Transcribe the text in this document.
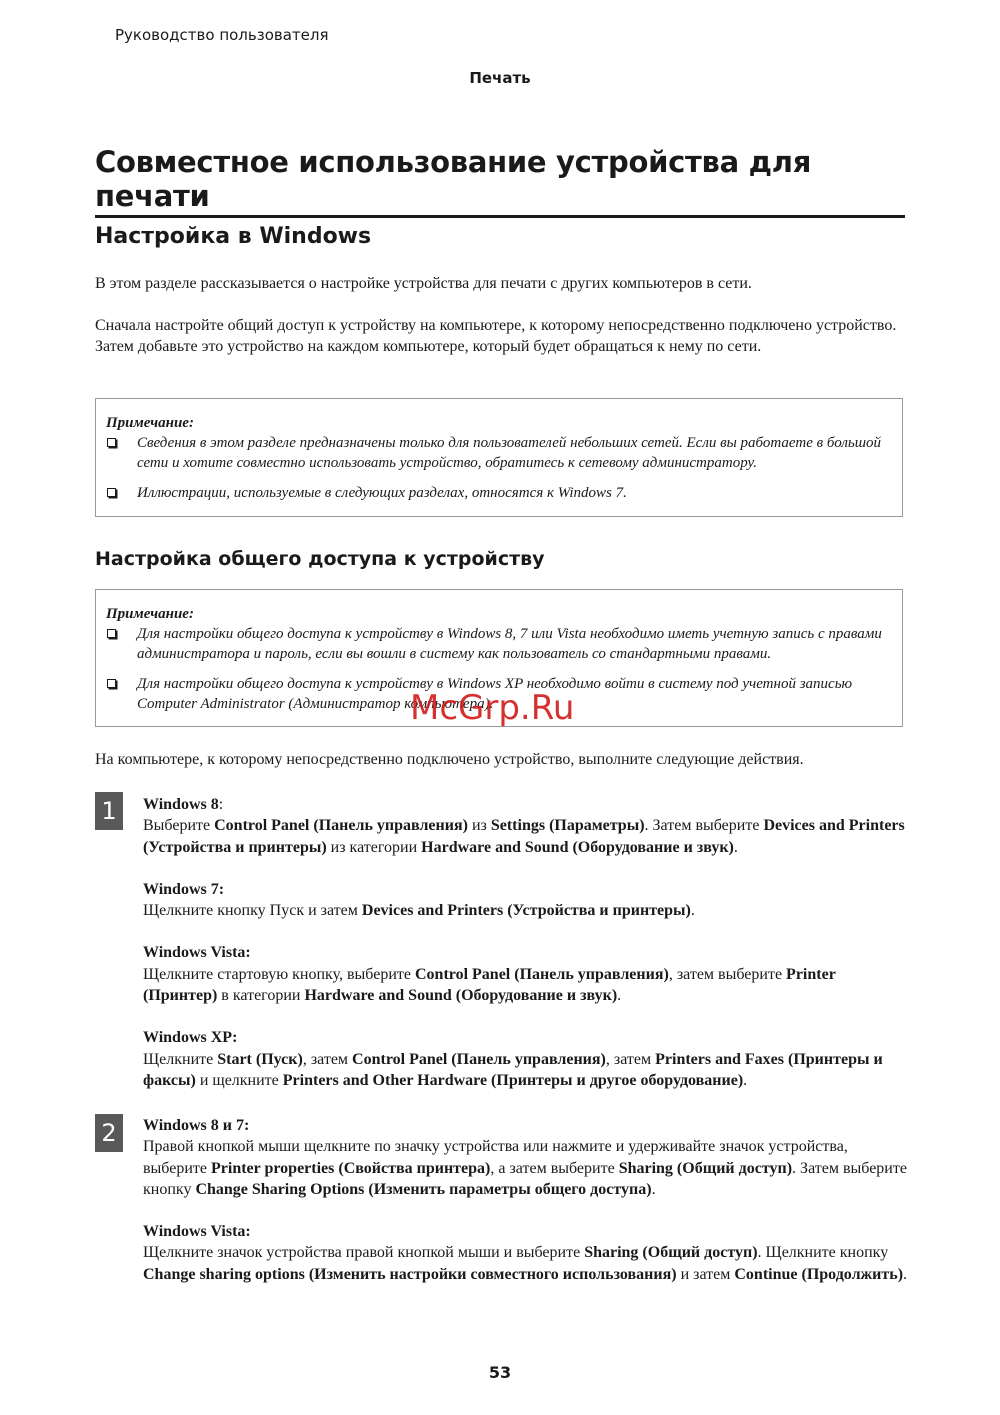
Руководство пользователя
Печать
Совместное использование устройства для печати
Настройка в Windows
В этом разделе рассказывается о настройке устройства для печати с других компьютеров в сети.
Сначала настройте общий доступ к устройству на компьютере, к которому непосредственно подключено устройство. Затем добавьте это устройство на каждом компьютере, который будет обращаться к нему по сети.
Примечание:
Сведения в этом разделе предназначены только для пользователей небольших сетей. Если вы работаете в большой сети и хотите совместно использовать устройство, обратитесь к сетевому администратору.
Иллюстрации, используемые в следующих разделах, относятся к Windows 7.
Настройка общего доступа к устройству
Примечание:
Для настройки общего доступа к устройству в Windows 8, 7 или Vista необходимо иметь учетную запись с правами администратора и пароль, если вы вошли в систему как пользователь со стандартными правами.
Для настройки общего доступа к устройству в Windows XP необходимо войти в систему под учетной записью Computer Administrator (Администратор компьютера).
На компьютере, к которому непосредственно подключено устройство, выполните следующие действия.
1	Windows 8:
Выберите Control Panel (Панель управления) из Settings (Параметры). Затем выберите Devices and Printers (Устройства и принтеры) из категории Hardware and Sound (Оборудование и звук).
Windows 7:
Щелкните кнопку Пуск и затем Devices and Printers (Устройства и принтеры).
Windows Vista:
Щелкните стартовую кнопку, выберите Control Panel (Панель управления), затем выберите Printer (Принтер) в категории Hardware and Sound (Оборудование и звук).
Windows XP:
Щелкните Start (Пуск), затем Control Panel (Панель управления), затем Printers and Faxes (Принтеры и факсы) и щелкните Printers and Other Hardware (Принтеры и другое оборудование).
2	Windows 8 и 7:
Правой кнопкой мыши щелкните по значку устройства или нажмите и удерживайте значок устройства, выберите Printer properties (Свойства принтера), а затем выберите Sharing (Общий доступ). Затем выберите кнопку Change Sharing Options (Изменить параметры общего доступа).
Windows Vista:
Щелкните значок устройства правой кнопкой мыши и выберите Sharing (Общий доступ). Щелкните кнопку Change sharing options (Изменить настройки совместного использования) и затем Continue (Продолжить).
McGrp.Ru
53
